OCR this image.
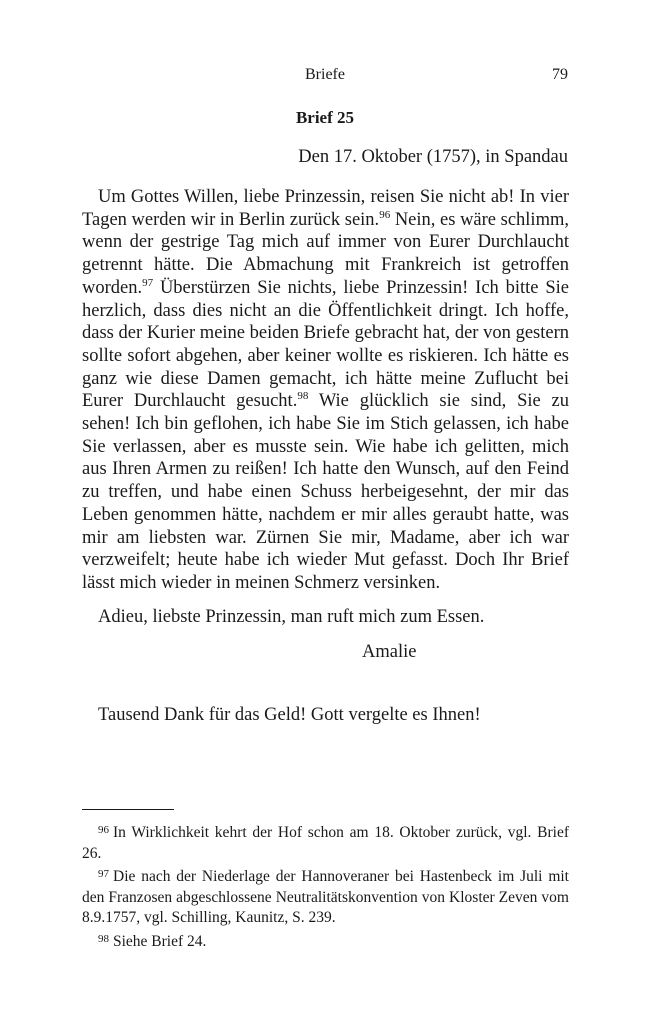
Briefe	79
Brief 25
Den 17. Oktober (1757), in Spandau

Um Gottes Willen, liebe Prinzessin, reisen Sie nicht ab! In vier Tagen werden wir in Berlin zurück sein.$^{96}$ Nein, es wäre schlimm, wenn der gestrige Tag mich auf immer von Eurer Durchlaucht getrennt hätte. Die Abmachung mit Frankreich ist getroffen worden.$^{97}$ Überstürzen Sie nichts, liebe Prinzessin! Ich bitte Sie herzlich, dass dies nicht an die Öffentlichkeit dringt. Ich hoffe, dass der Kurier meine beiden Briefe gebracht hat, der von gestern sollte sofort abgehen, aber keiner wollte es riskieren. Ich hätte es ganz wie diese Damen gemacht, ich hätte meine Zuflucht bei Eurer Durchlaucht gesucht.$^{98}$ Wie glücklich sie sind, Sie zu sehen! Ich bin geflohen, ich habe Sie im Stich gelassen, ich habe Sie verlassen, aber es musste sein. Wie habe ich gelitten, mich aus Ihren Armen zu reißen! Ich hatte den Wunsch, auf den Feind zu treffen, und habe einen Schuss herbeigesehnt, der mir das Leben genommen hätte, nachdem er mir alles geraubt hatte, was mir am liebsten war. Zürnen Sie mir, Madame, aber ich war verzweifelt; heute habe ich wieder Mut gefasst. Doch Ihr Brief lässt mich wieder in meinen Schmerz versinken.

Adieu, liebste Prinzessin, man ruft mich zum Essen.
Amalie
Tausend Dank für das Geld! Gott vergelte es Ihnen!

$^{96}$ In Wirklichkeit kehrt der Hof schon am 18. Oktober zurück, vgl. Brief 26.

$^{97}$ Die nach der Niederlage der Hannoveraner bei Hastenbeck im Juli mit den Franzosen abgeschlossene Neutralitätskonvention von Kloster Zeven vom 8.9.1757, vgl. Schilling, Kaunitz, S. 239.

$^{98}$ Siehe Brief 24.
